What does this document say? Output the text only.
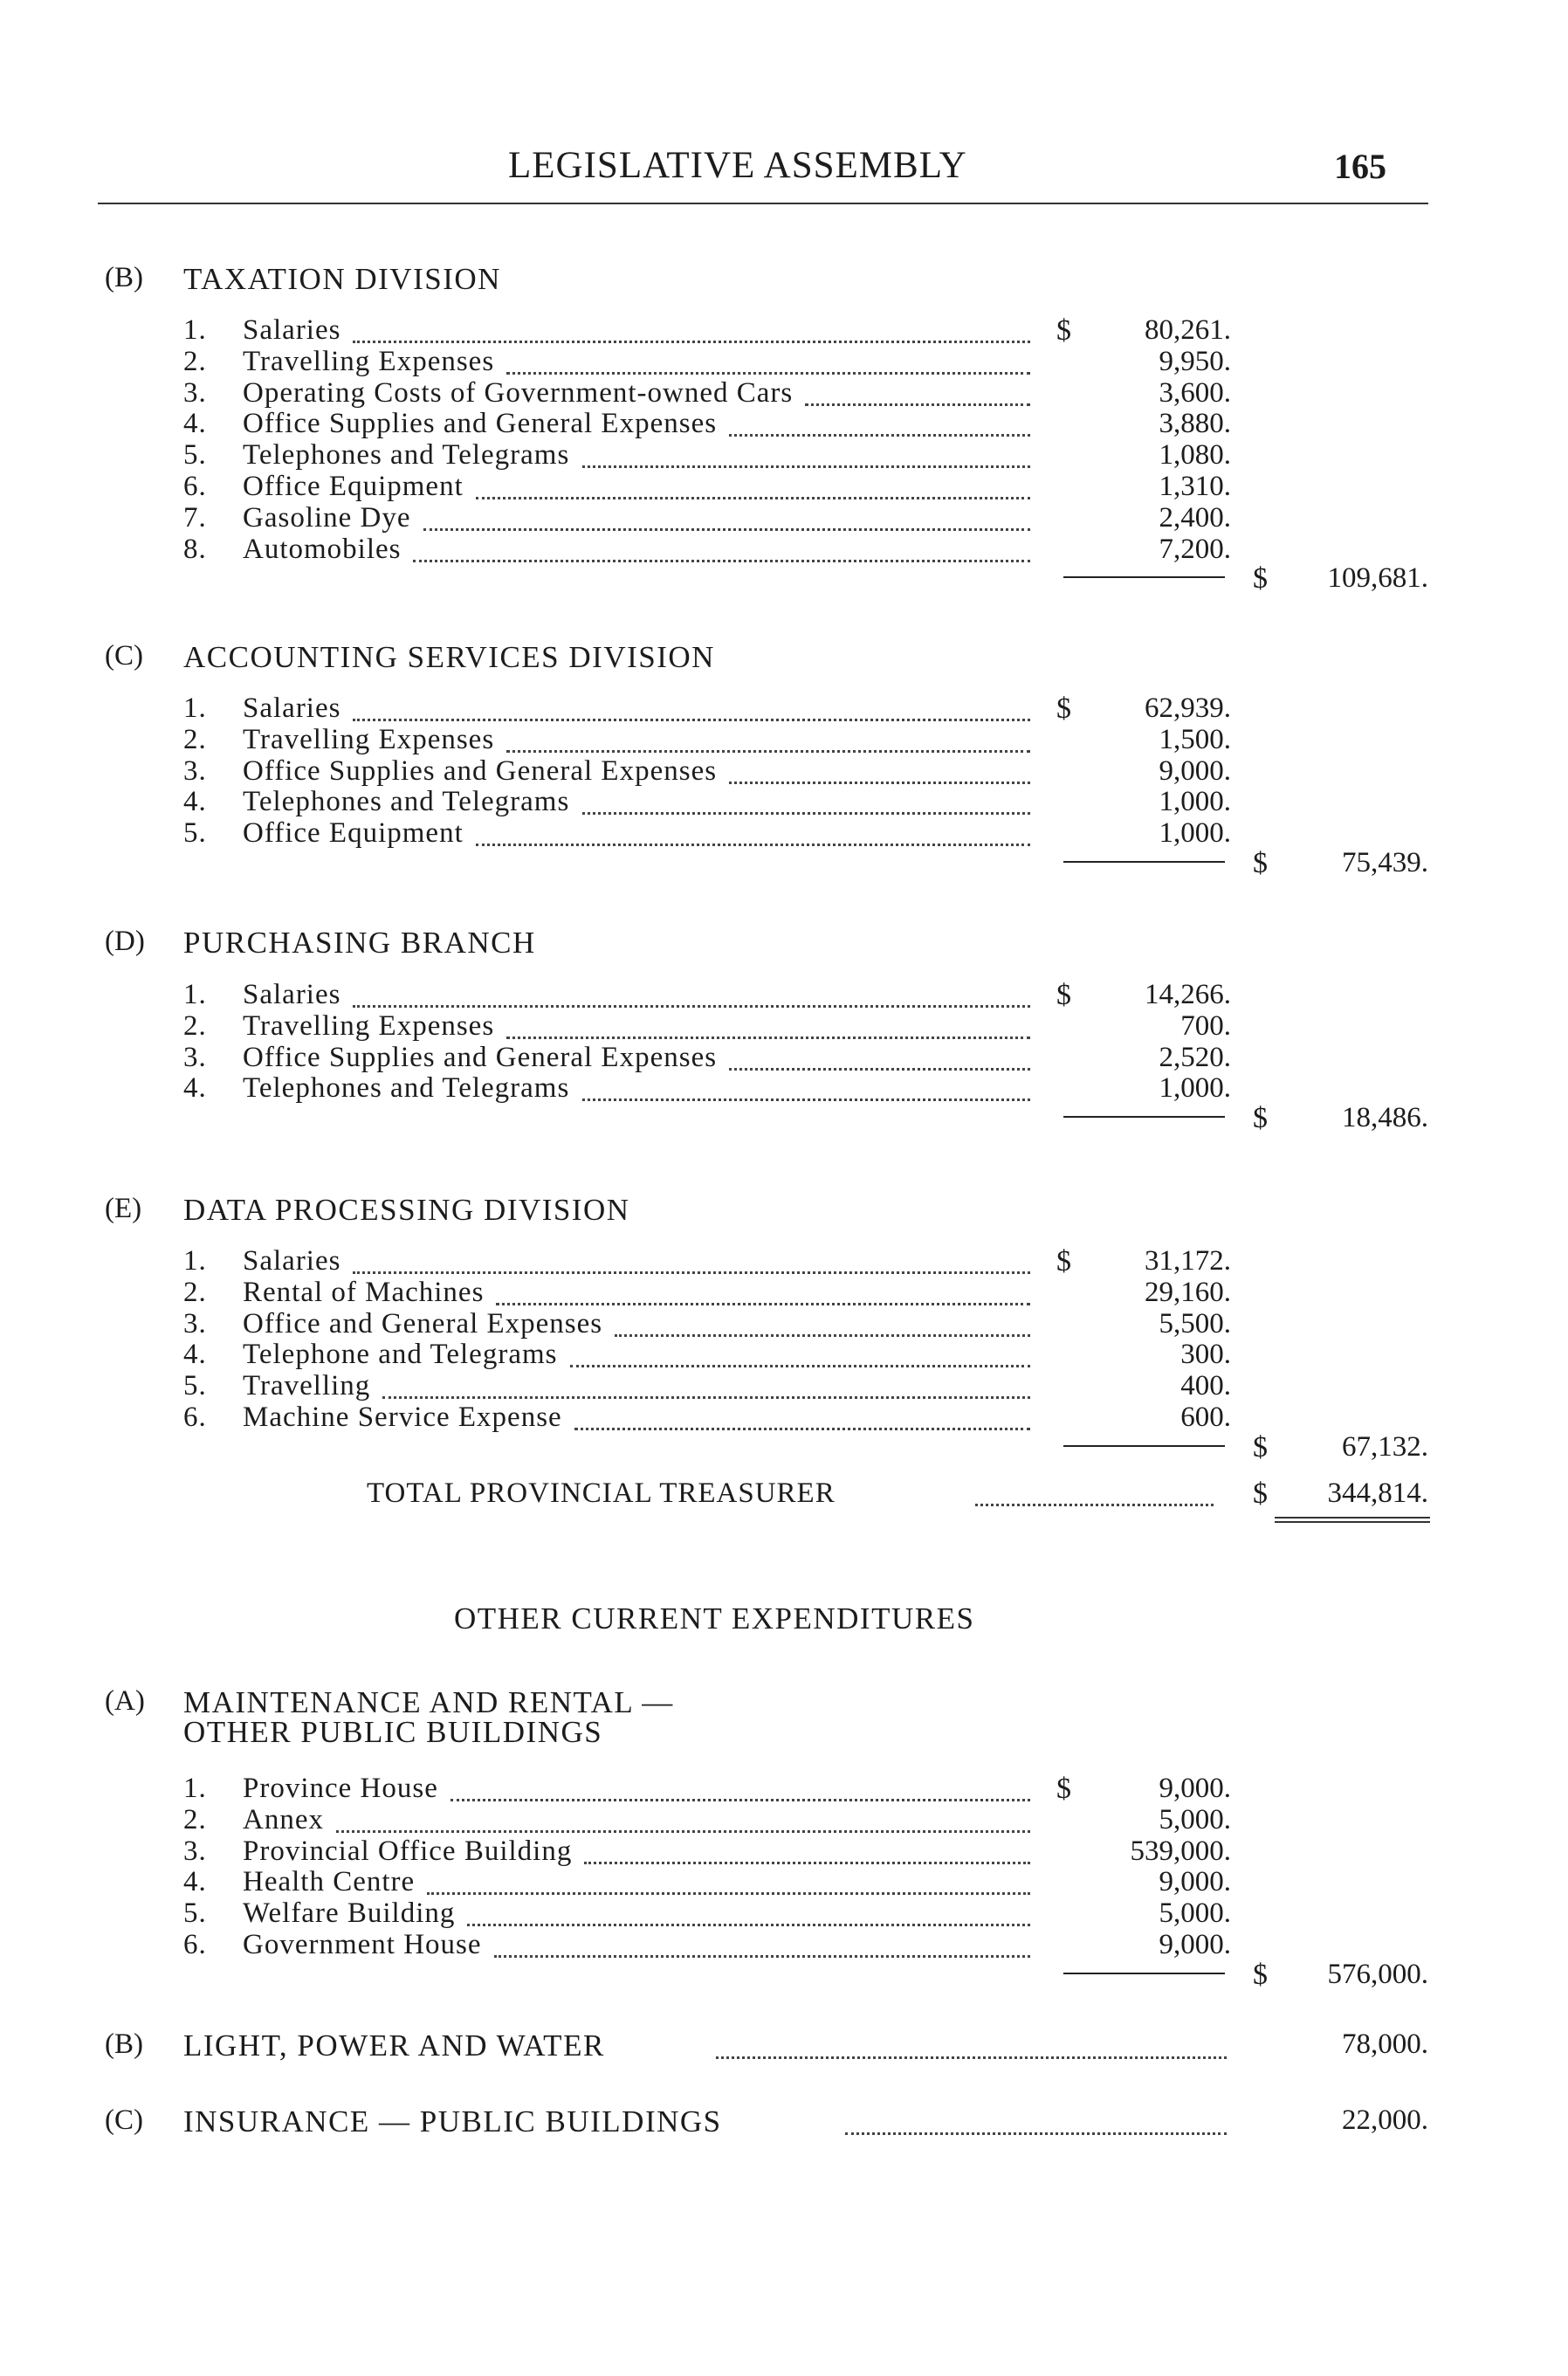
LEGISLATIVE ASSEMBLY	165
(B) TAXATION DIVISION
1. Salaries	$	80,261.
2. Travelling Expenses	9,950.
3. Operating Costs of Government-owned Cars	3,600.
4. Office Supplies and General Expenses	3,880.
5. Telephones and Telegrams	1,080.
6. Office Equipment	1,310.
7. Gasoline Dye	2,400.
8. Automobiles	7,200.
$ 109,681.
(C) ACCOUNTING SERVICES DIVISION
1. Salaries	$	62,939.
2. Travelling Expenses	1,500.
3. Office Supplies and General Expenses	9,000.
4. Telephones and Telegrams	1,000.
5. Office Equipment	1,000.
$	75,439.
(D) PURCHASING BRANCH
1. Salaries	$	14,266.
2. Travelling Expenses	700.
3. Office Supplies and General Expenses	2,520.
4. Telephones and Telegrams	1,000.
$	18,486.
(E) DATA PROCESSING DIVISION
1. Salaries	$	31,172.
2. Rental of Machines	29,160.
3. Office and General Expenses	5,500.
4. Telephone and Telegrams	300.
5. Travelling	400.
6. Machine Service Expense	600.
$	67,132.
TOTAL PROVINCIAL TREASURER	$ 344,814.
OTHER CURRENT EXPENDITURES
(A) MAINTENANCE AND RENTAL —
OTHER PUBLIC BUILDINGS
1. Province House	$	9,000.
2. Annex	5,000.
3. Provincial Office Building	539,000.
4. Health Centre	9,000.
5. Welfare Building	5,000.
6. Government House	9,000.
$ 576,000.
(B) LIGHT, POWER AND WATER	78,000.
(C) INSURANCE — PUBLIC BUILDINGS	22,000.
